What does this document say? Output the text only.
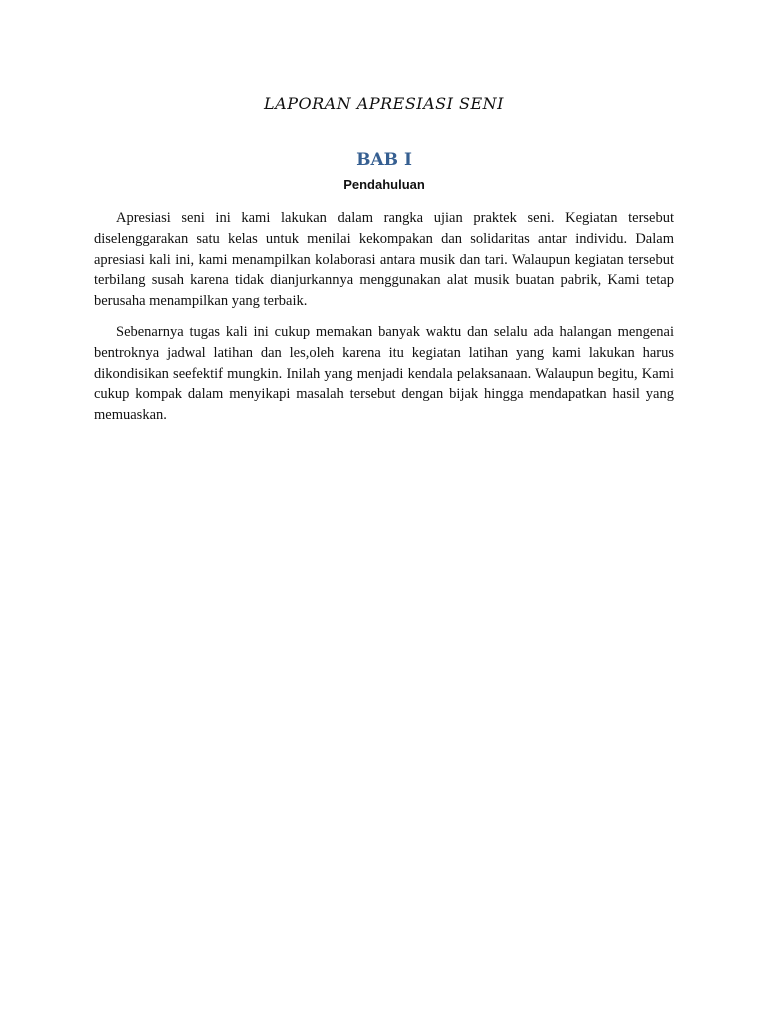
LAPORAN APRESIASI SENI
BAB I
Pendahuluan

Apresiasi seni ini kami lakukan dalam rangka ujian praktek seni. Kegiatan tersebut diselenggarakan satu kelas untuk menilai kekompakan dan solidaritas antar individu. Dalam apresiasi kali ini, kami menampilkan kolaborasi antara musik dan tari. Walaupun kegiatan tersebut terbilang susah karena tidak dianjurkannya menggunakan alat musik buatan pabrik, Kami tetap berusaha menampilkan yang terbaik.

Sebenarnya tugas kali ini cukup memakan banyak waktu dan selalu ada halangan mengenai bentroknya jadwal latihan dan les,oleh karena itu kegiatan latihan yang kami lakukan harus dikondisikan seefektif mungkin. Inilah yang menjadi kendala pelaksanaan. Walaupun begitu, Kami cukup kompak dalam menyikapi masalah tersebut dengan bijak hingga mendapatkan hasil yang memuaskan.
